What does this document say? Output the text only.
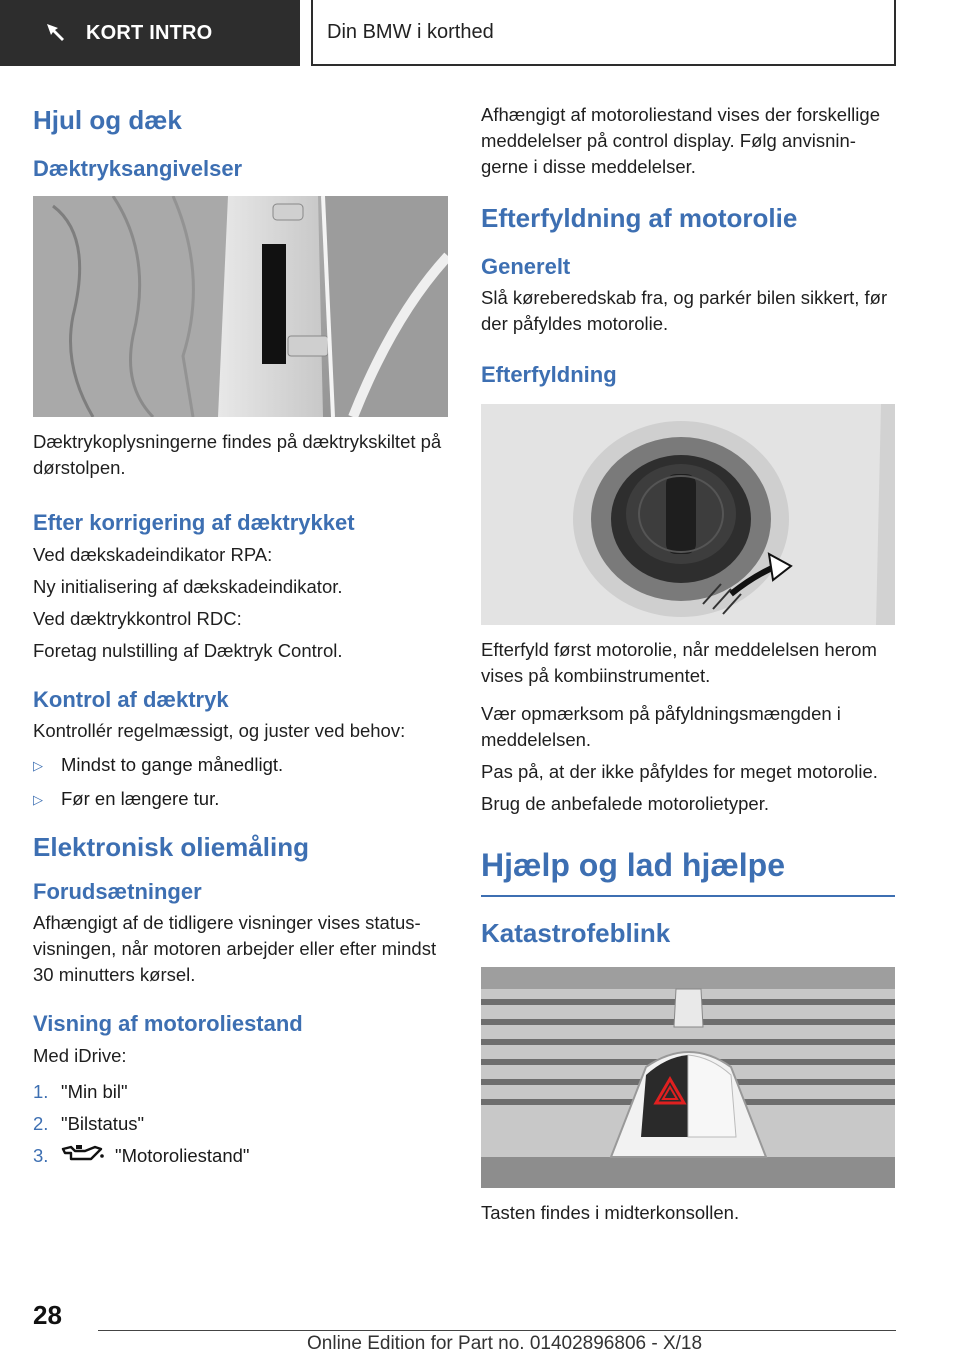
KORT INTRO	Din BMW i korthed
Hjul og dæk
Dæktryksangivelser

Dæktrykoplysningerne findes på dæktrykskiltet på dørstolpen.

Efter korrigering af dæktrykket

Ved dækskadeindikator RPA:

Ny initialisering af dækskadeindikator.

Ved dæktrykkontrol RDC:

Foretag nulstilling af Dæktryk Control.

Kontrol af dæktryk

Kontrollér regelmæssigt, og juster ved behov:

▷ Mindst to gange månedligt.
▷ Før en længere tur.
Elektronisk oliemåling
Forudsætninger

Afhængigt af de tidligere visninger vises status-visningen, når motoren arbejder eller efter mindst 30 minutters kørsel.

Visning af motoroliestand

Med iDrive:

1. "Min bil"
2. "Bilstatus"
3.	"Motoroliestand"

Afhængigt af motoroliestand vises der forskellige meddelelser på control display. Følg anvisnin-gerne i disse meddelelser.

Efterfyldning af motorolie
Generelt

Slå køreberedskab fra, og parkér bilen sikkert, før der påfyldes motorolie.

Efterfyldning

Efterfyld først motorolie, når meddelelsen herom vises på kombiinstrumentet.

Vær opmærksom på påfyldningsmængden i meddelelsen.

Pas på, at der ikke påfyldes for meget motorolie.

Brug de anbefalede motorolietyper.

Hjælp og lad hjælpe
Katastrofeblink

Tasten findes i midterkonsollen.

28
Online Edition for Part no. 01402896806 - X/18
